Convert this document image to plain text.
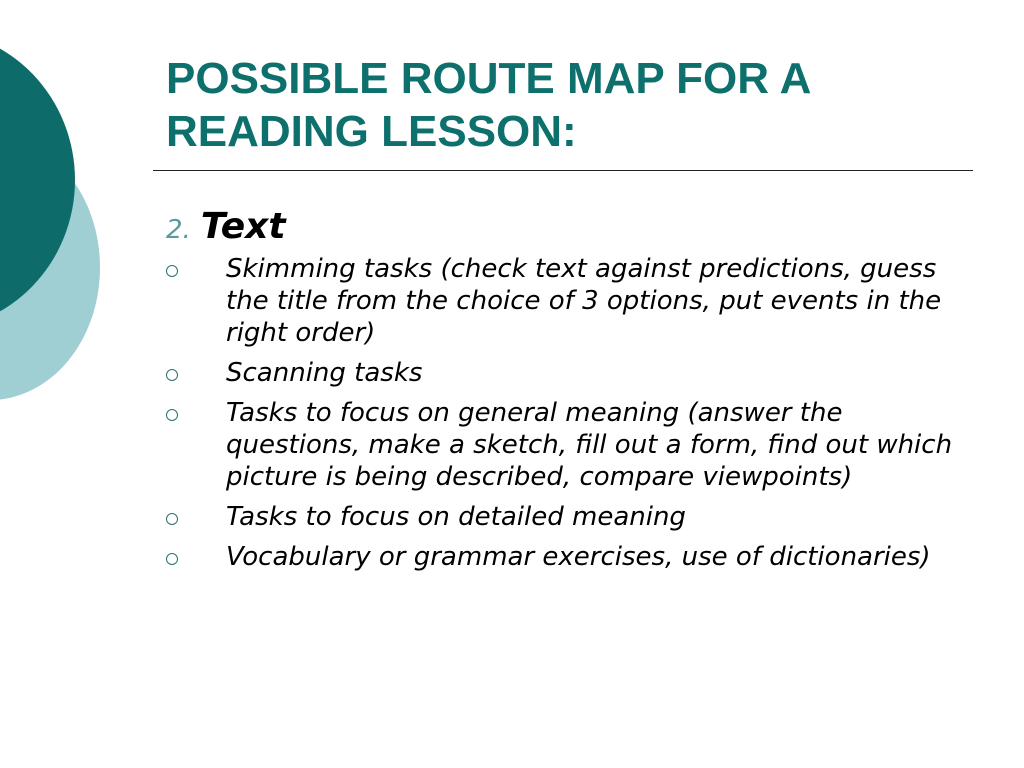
POSSIBLE ROUTE MAP FOR A
READING LESSON:
2. Text
Skimming tasks (check text against predictions, guess the title from the choice of 3 options, put events in the right order)
Scanning tasks
Tasks to focus on general meaning (answer the questions, make a sketch, fill out a form, find out which picture is being described, compare viewpoints)
Tasks to focus on detailed meaning
Vocabulary or grammar exercises, use of dictionaries)
